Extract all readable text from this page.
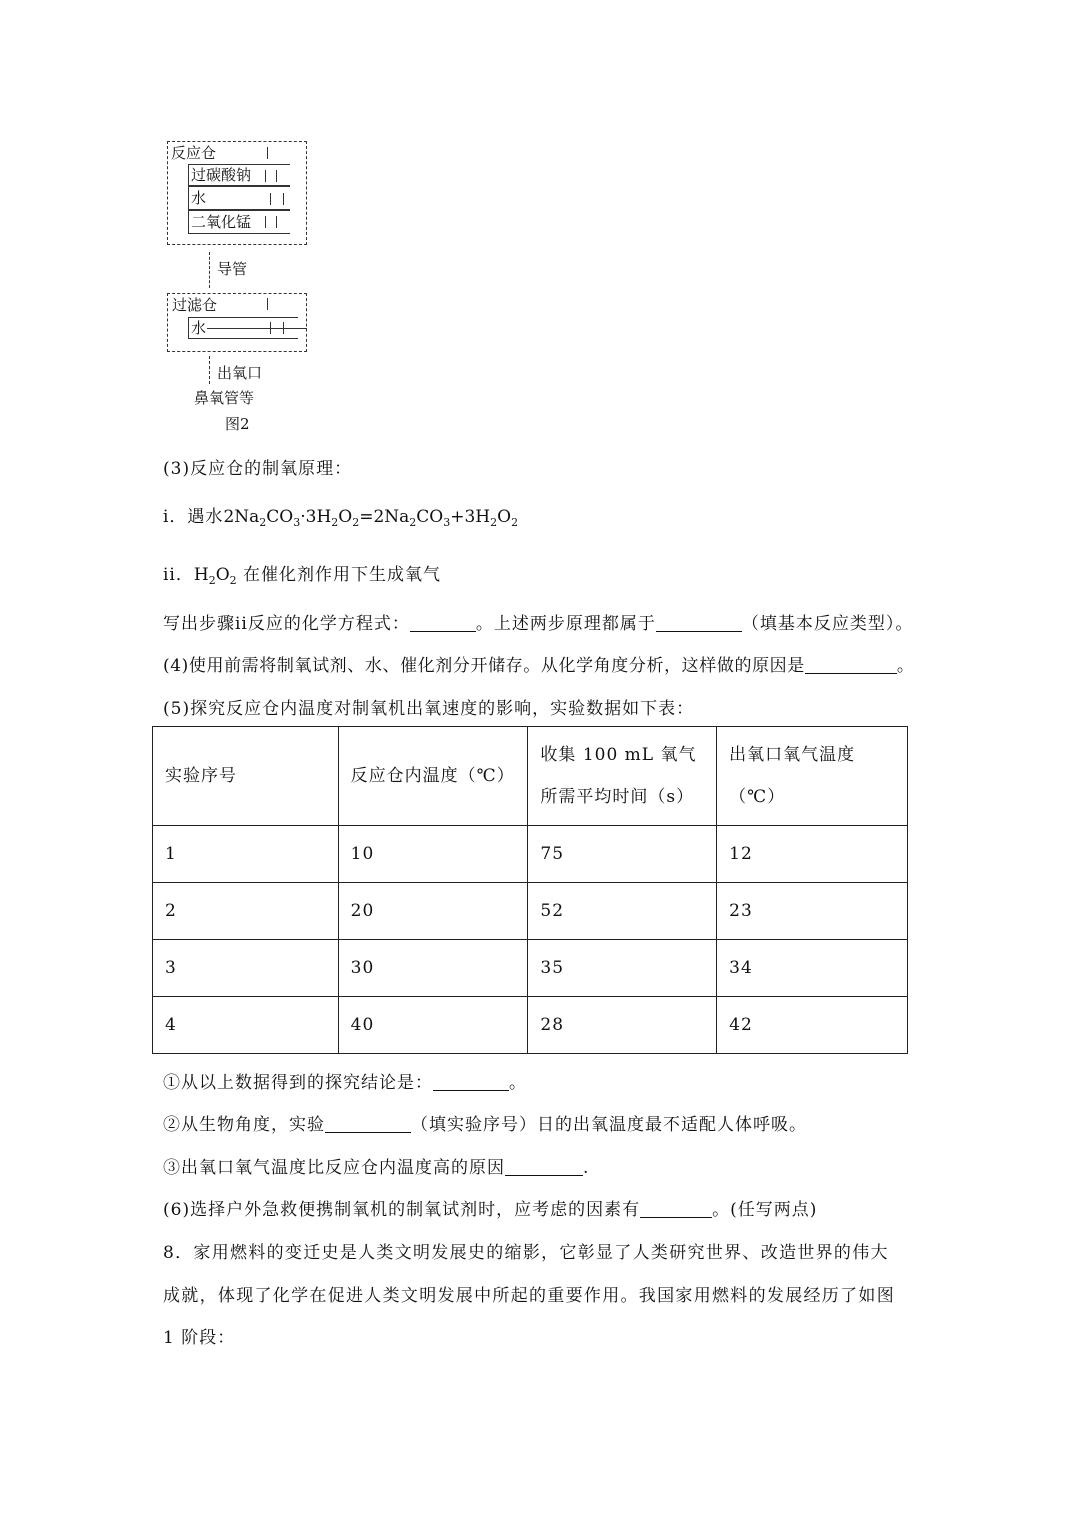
反应仓
过碳酸钠
水
二氧化锰
导管
过滤仓
水
出氧口
鼻氧管等
图2
(3)反应仓的制氧原理：
i．遇水$2Na_2CO_3\cdot 3H_2O_2=2Na_2CO_3+3H_2O_2$
ii．$H_2O_2$ 在催化剂作用下生成氧气
写出步骤ii反应的化学方程式：	。上述两步原理都属于	（填基本反应类型）。
(4)使用前需将制氧试剂、水、催化剂分开储存。从化学角度分析，这样做的原因是	。
(5)探究反应仓内温度对制氧机出氧速度的影响，实验数据如下表：
实验序号	反应仓内温度（℃）	收集 100 mL 氧气所需平均时间（s）	出氧口氧气温度（℃）
1	10	75	12
2	20	52	23
3	30	35	34
4	40	28	42
①从以上数据得到的探究结论是：	。
②从生物角度，实验	（填实验序号）日的出氧温度最不适配人体呼吸。
③出氧口氧气温度比反应仓内温度高的原因	.
(6)选择户外急救便携制氧机的制氧试剂时，应考虑的因素有	。(任写两点)
8．家用燃料的变迁史是人类文明发展史的缩影，它彰显了人类研究世界、改造世界的伟大
成就，体现了化学在促进人类文明发展中所起的重要作用。我国家用燃料的发展经历了如图
1 阶段：
